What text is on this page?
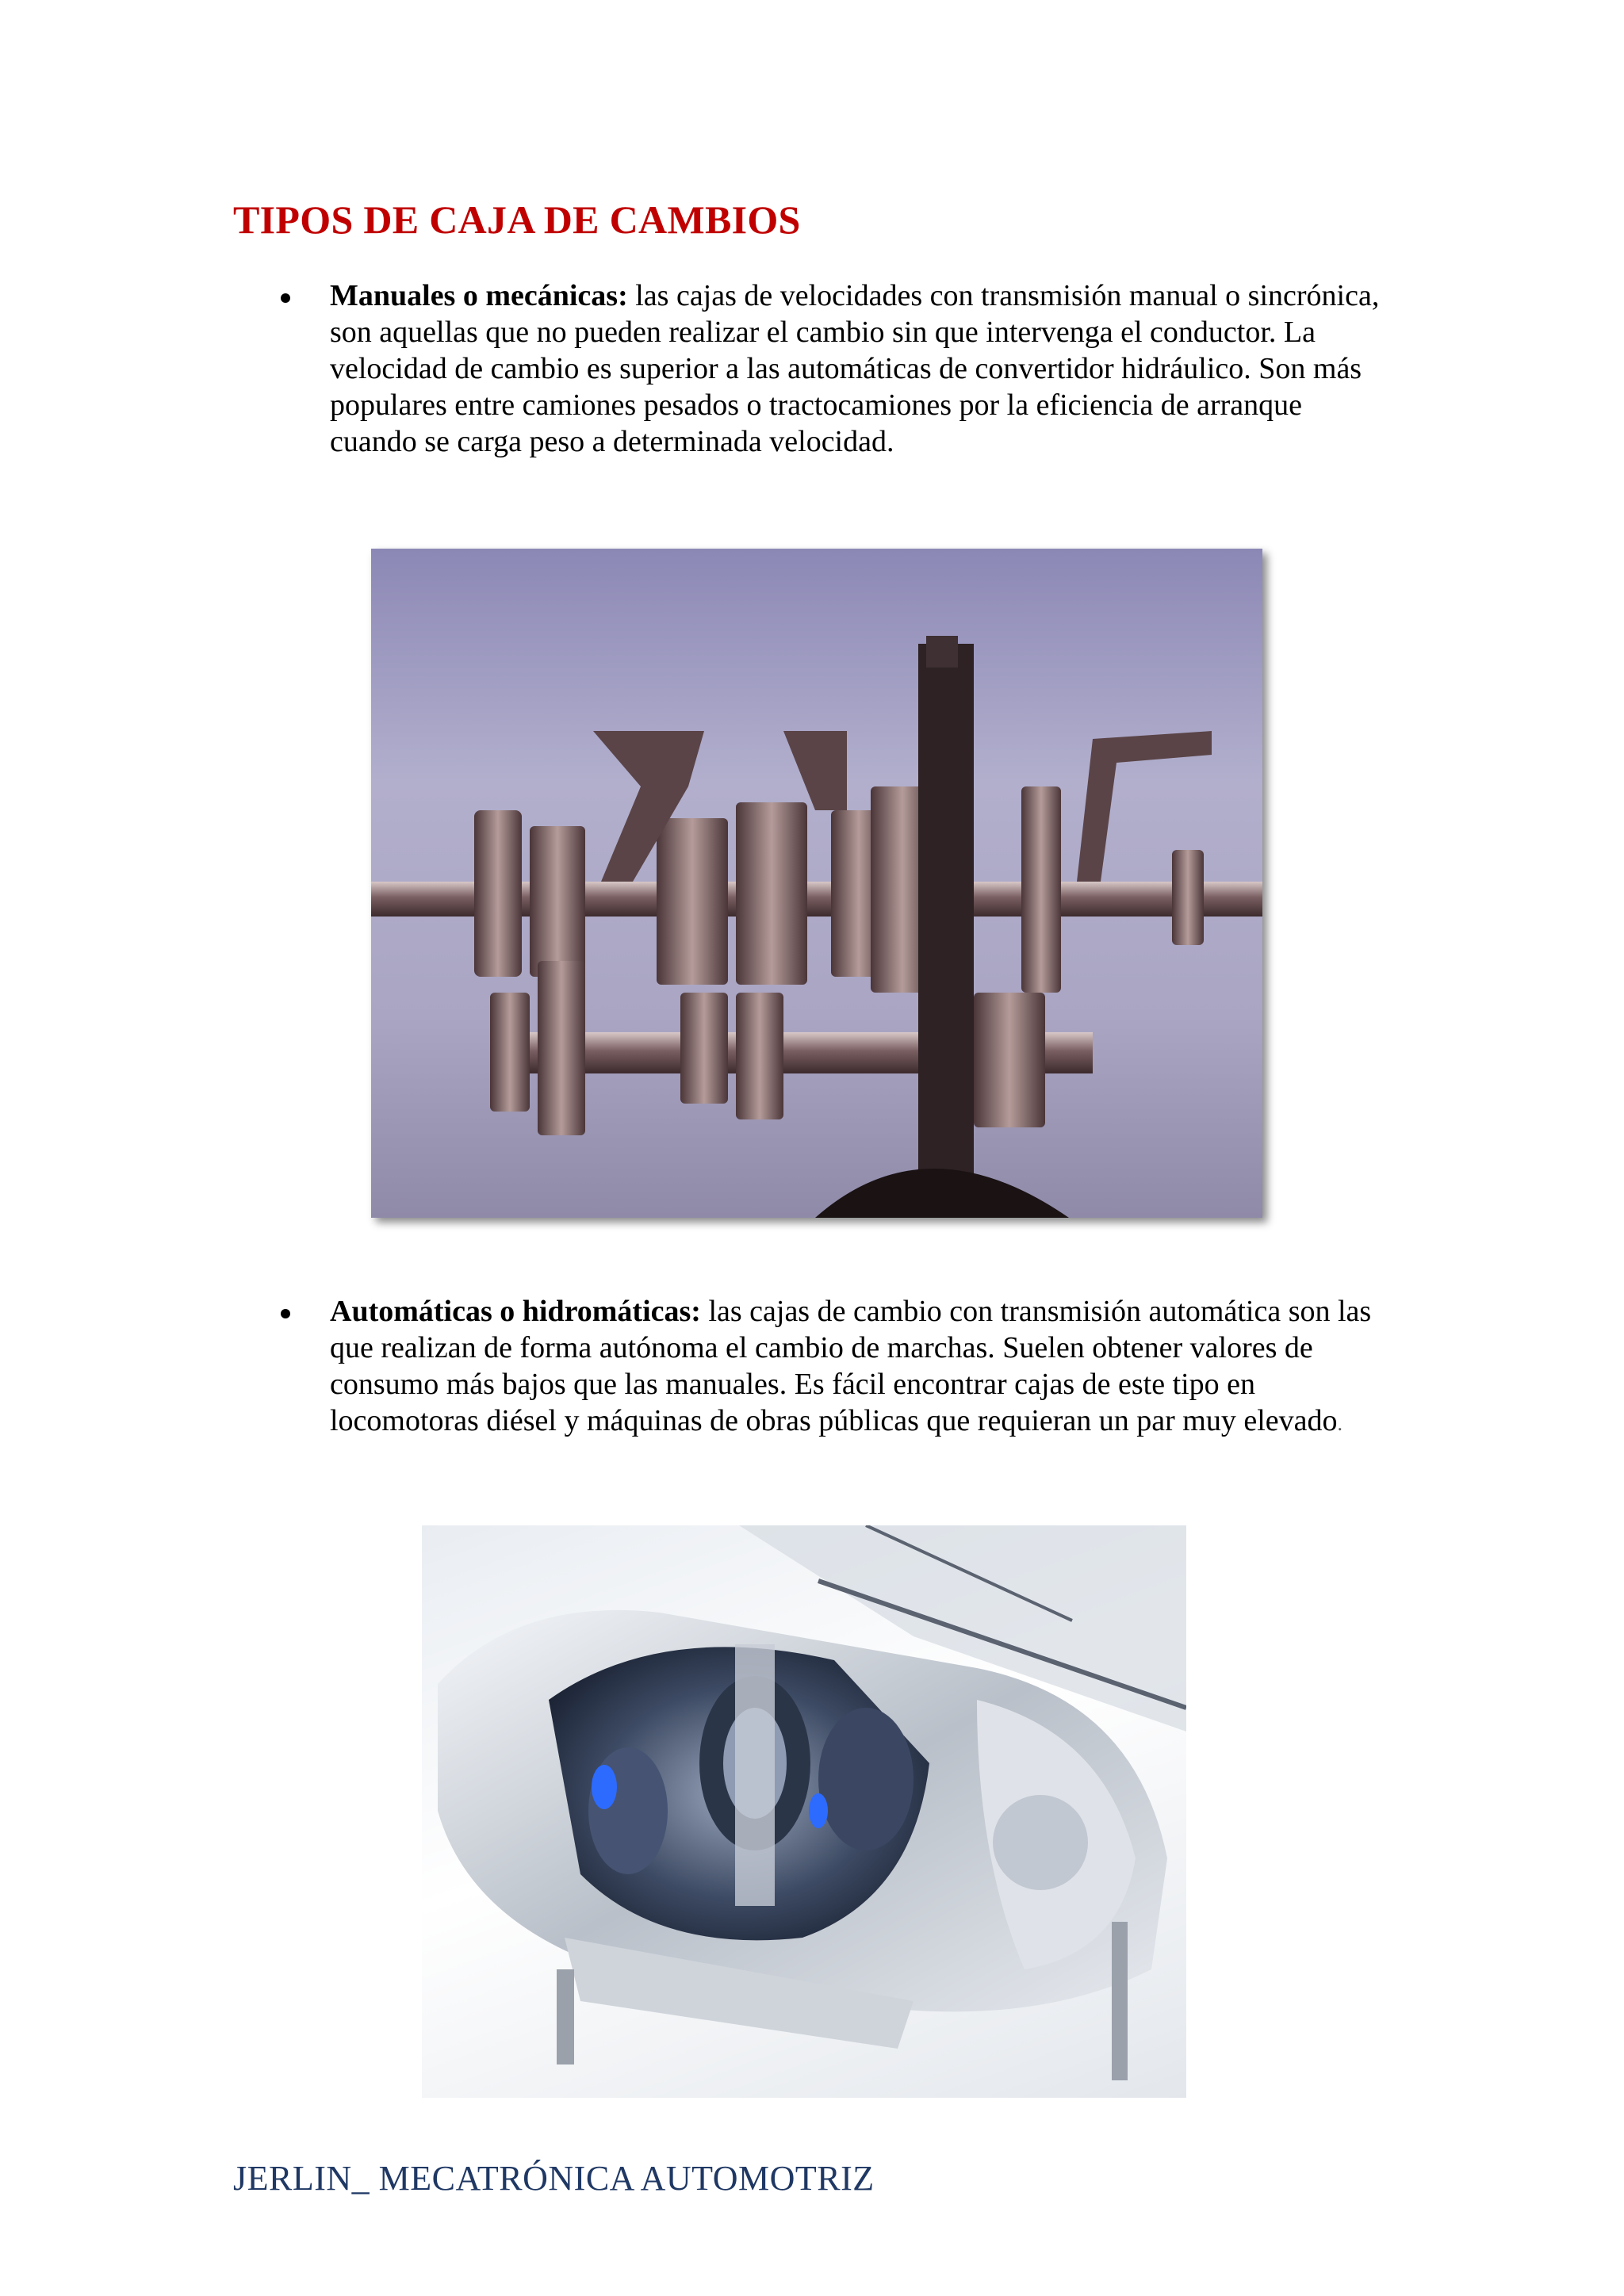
TIPOS DE CAJA DE CAMBIOS
Manuales o mecánicas: las cajas de velocidades con transmisión manual o sincrónica, son aquellas que no pueden realizar el cambio sin que intervenga el conductor. La velocidad de cambio es superior a las automáticas de convertidor hidráulico. Son más populares entre camiones pesados o tractocamiones por la eficiencia de arranque cuando se carga peso a determinada velocidad.
Automáticas o hidromáticas: las cajas de cambio con transmisión automática son las que realizan de forma autónoma el cambio de marchas. Suelen obtener valores de consumo más bajos que las manuales. Es fácil encontrar cajas de este tipo en locomotoras diésel y máquinas de obras públicas que requieran un par muy elevado.
JERLIN_ MECATRÓNICA AUTOMOTRIZ
